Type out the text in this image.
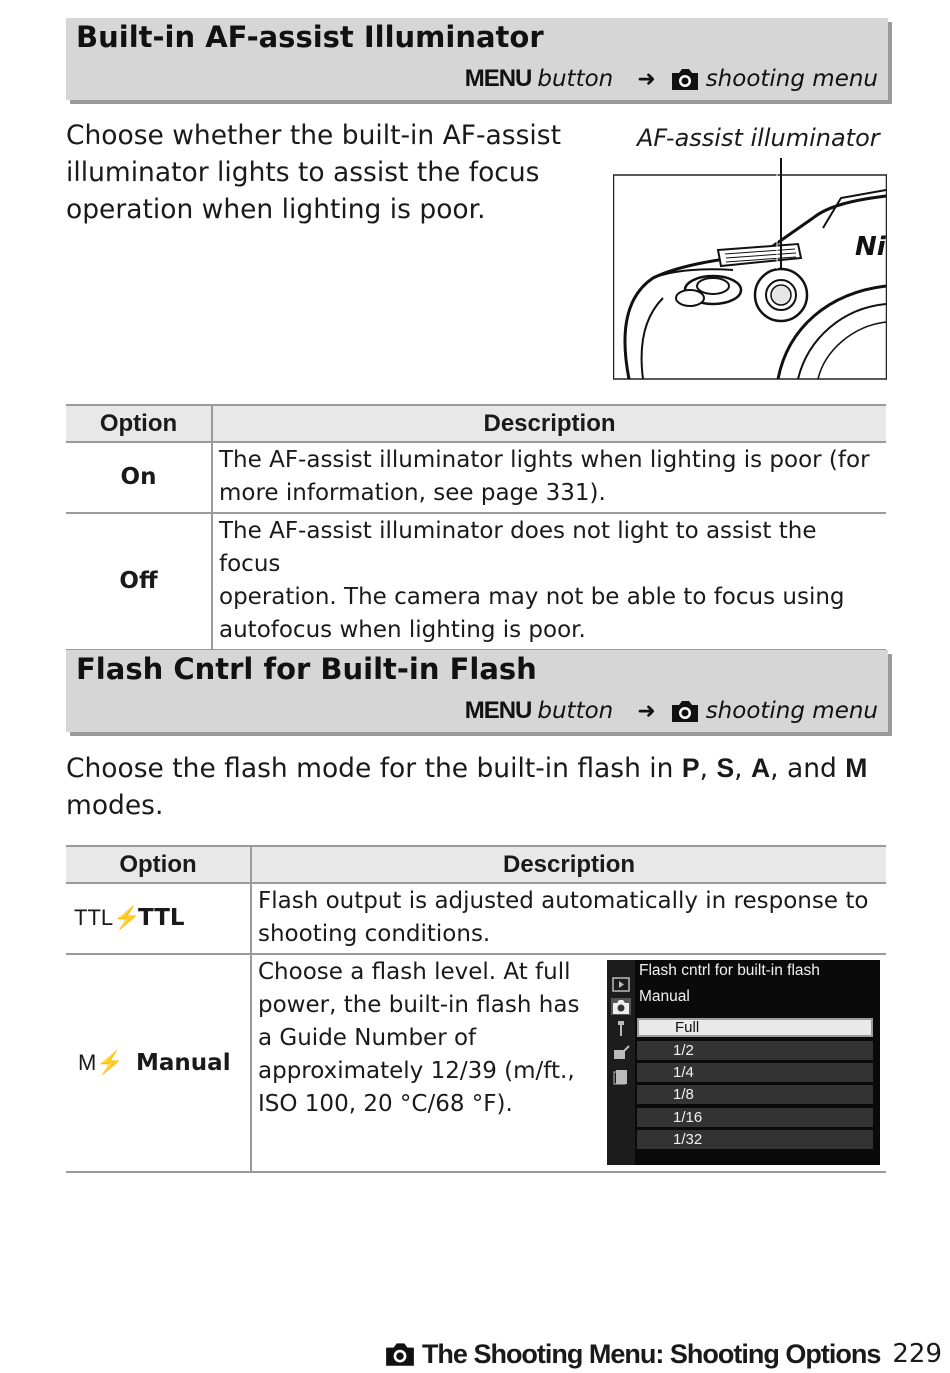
Built-in AF-assist Illuminator
MENU button ➜ shooting menu
Choose whether the built-in AF-assist
illuminator lights to assist the focus
operation when lighting is poor.
AF-assist illuminator
Ni
Option	Description
On	The AF-assist illuminator lights when lighting is poor (for
more information, see page 331).

Off	The AF-assist illuminator does not light to assist the focus
operation. The camera may not be able to focus using
autofocus when lighting is poor.
Flash Cntrl for Built-in Flash
MENU button ➜ shooting menu
Choose the flash mode for the built-in flash in P, S, A, and M
modes.
Option	Description
TTL⚡ TTL	Flash output is adjusted automatically in response to
shooting conditions.

M⚡ Manual	Choose a flash level. At full
power, the built-in flash has
a Guide Number of
approximately 12/39 (m/ft.,
ISO 100, 20 °C/68 °F).
Flash cntrl for built-in flash
Manual
Full
1/2
1/4
1/8
1/16
1/32
The Shooting Menu: Shooting Options 229
